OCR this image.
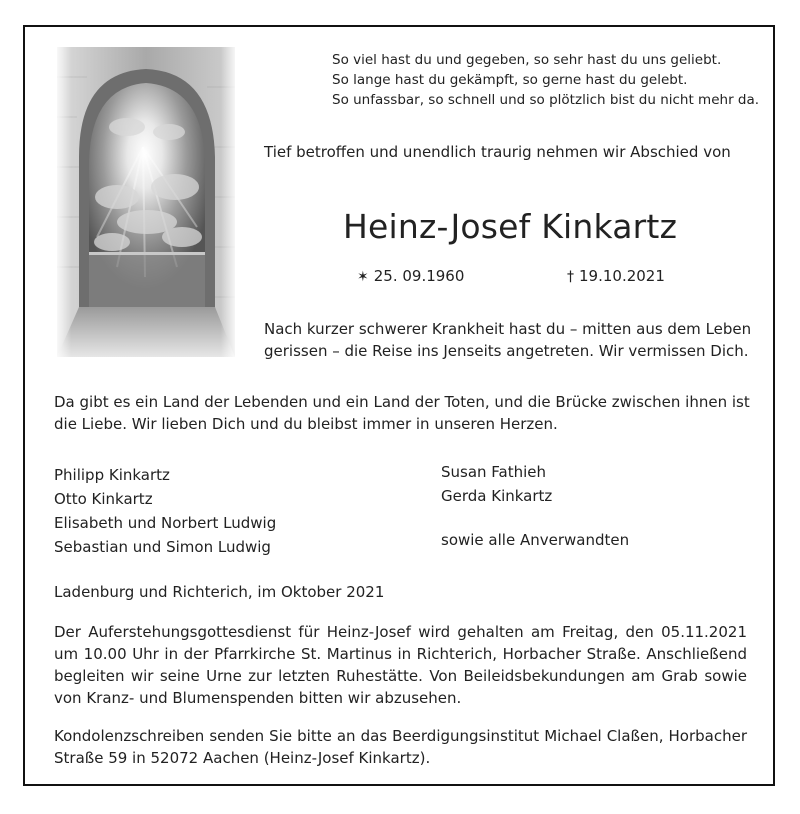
So viel hast du und gegeben, so sehr hast du uns geliebt.
So lange hast du gekämpft, so gerne hast du gelebt.
So unfassbar, so schnell und so plötzlich bist du nicht mehr da.
Tief betroffen und unendlich traurig nehmen wir Abschied von
Heinz-Josef Kinkartz
✶ 25. 09.1960	† 19.10.2021
Nach kurzer schwerer Krankheit hast du – mitten aus dem Leben
gerissen – die Reise ins Jenseits angetreten. Wir vermissen Dich.
Da gibt es ein Land der Lebenden und ein Land der Toten, und die Brücke zwischen ihnen ist
die Liebe. Wir lieben Dich und du bleibst immer in unseren Herzen.
Philipp Kinkartz
Otto Kinkartz
Elisabeth und Norbert Ludwig
Sebastian und Simon Ludwig
Susan Fathieh
Gerda Kinkartz
sowie alle Anverwandten
Ladenburg und Richterich, im Oktober 2021
Der Auferstehungsgottesdienst für Heinz-Josef wird gehalten am Freitag, den 05.11.2021
um 10.00 Uhr in der Pfarrkirche St. Martinus in Richterich, Horbacher Straße. Anschließend
begleiten wir seine Urne zur letzten Ruhestätte. Von Beileidsbekundungen am Grab sowie
von Kranz- und Blumenspenden bitten wir abzusehen.
Kondolenzschreiben senden Sie bitte an das Beerdigungsinstitut Michael Claßen, Horbacher
Straße 59 in 52072 Aachen (Heinz-Josef Kinkartz).
